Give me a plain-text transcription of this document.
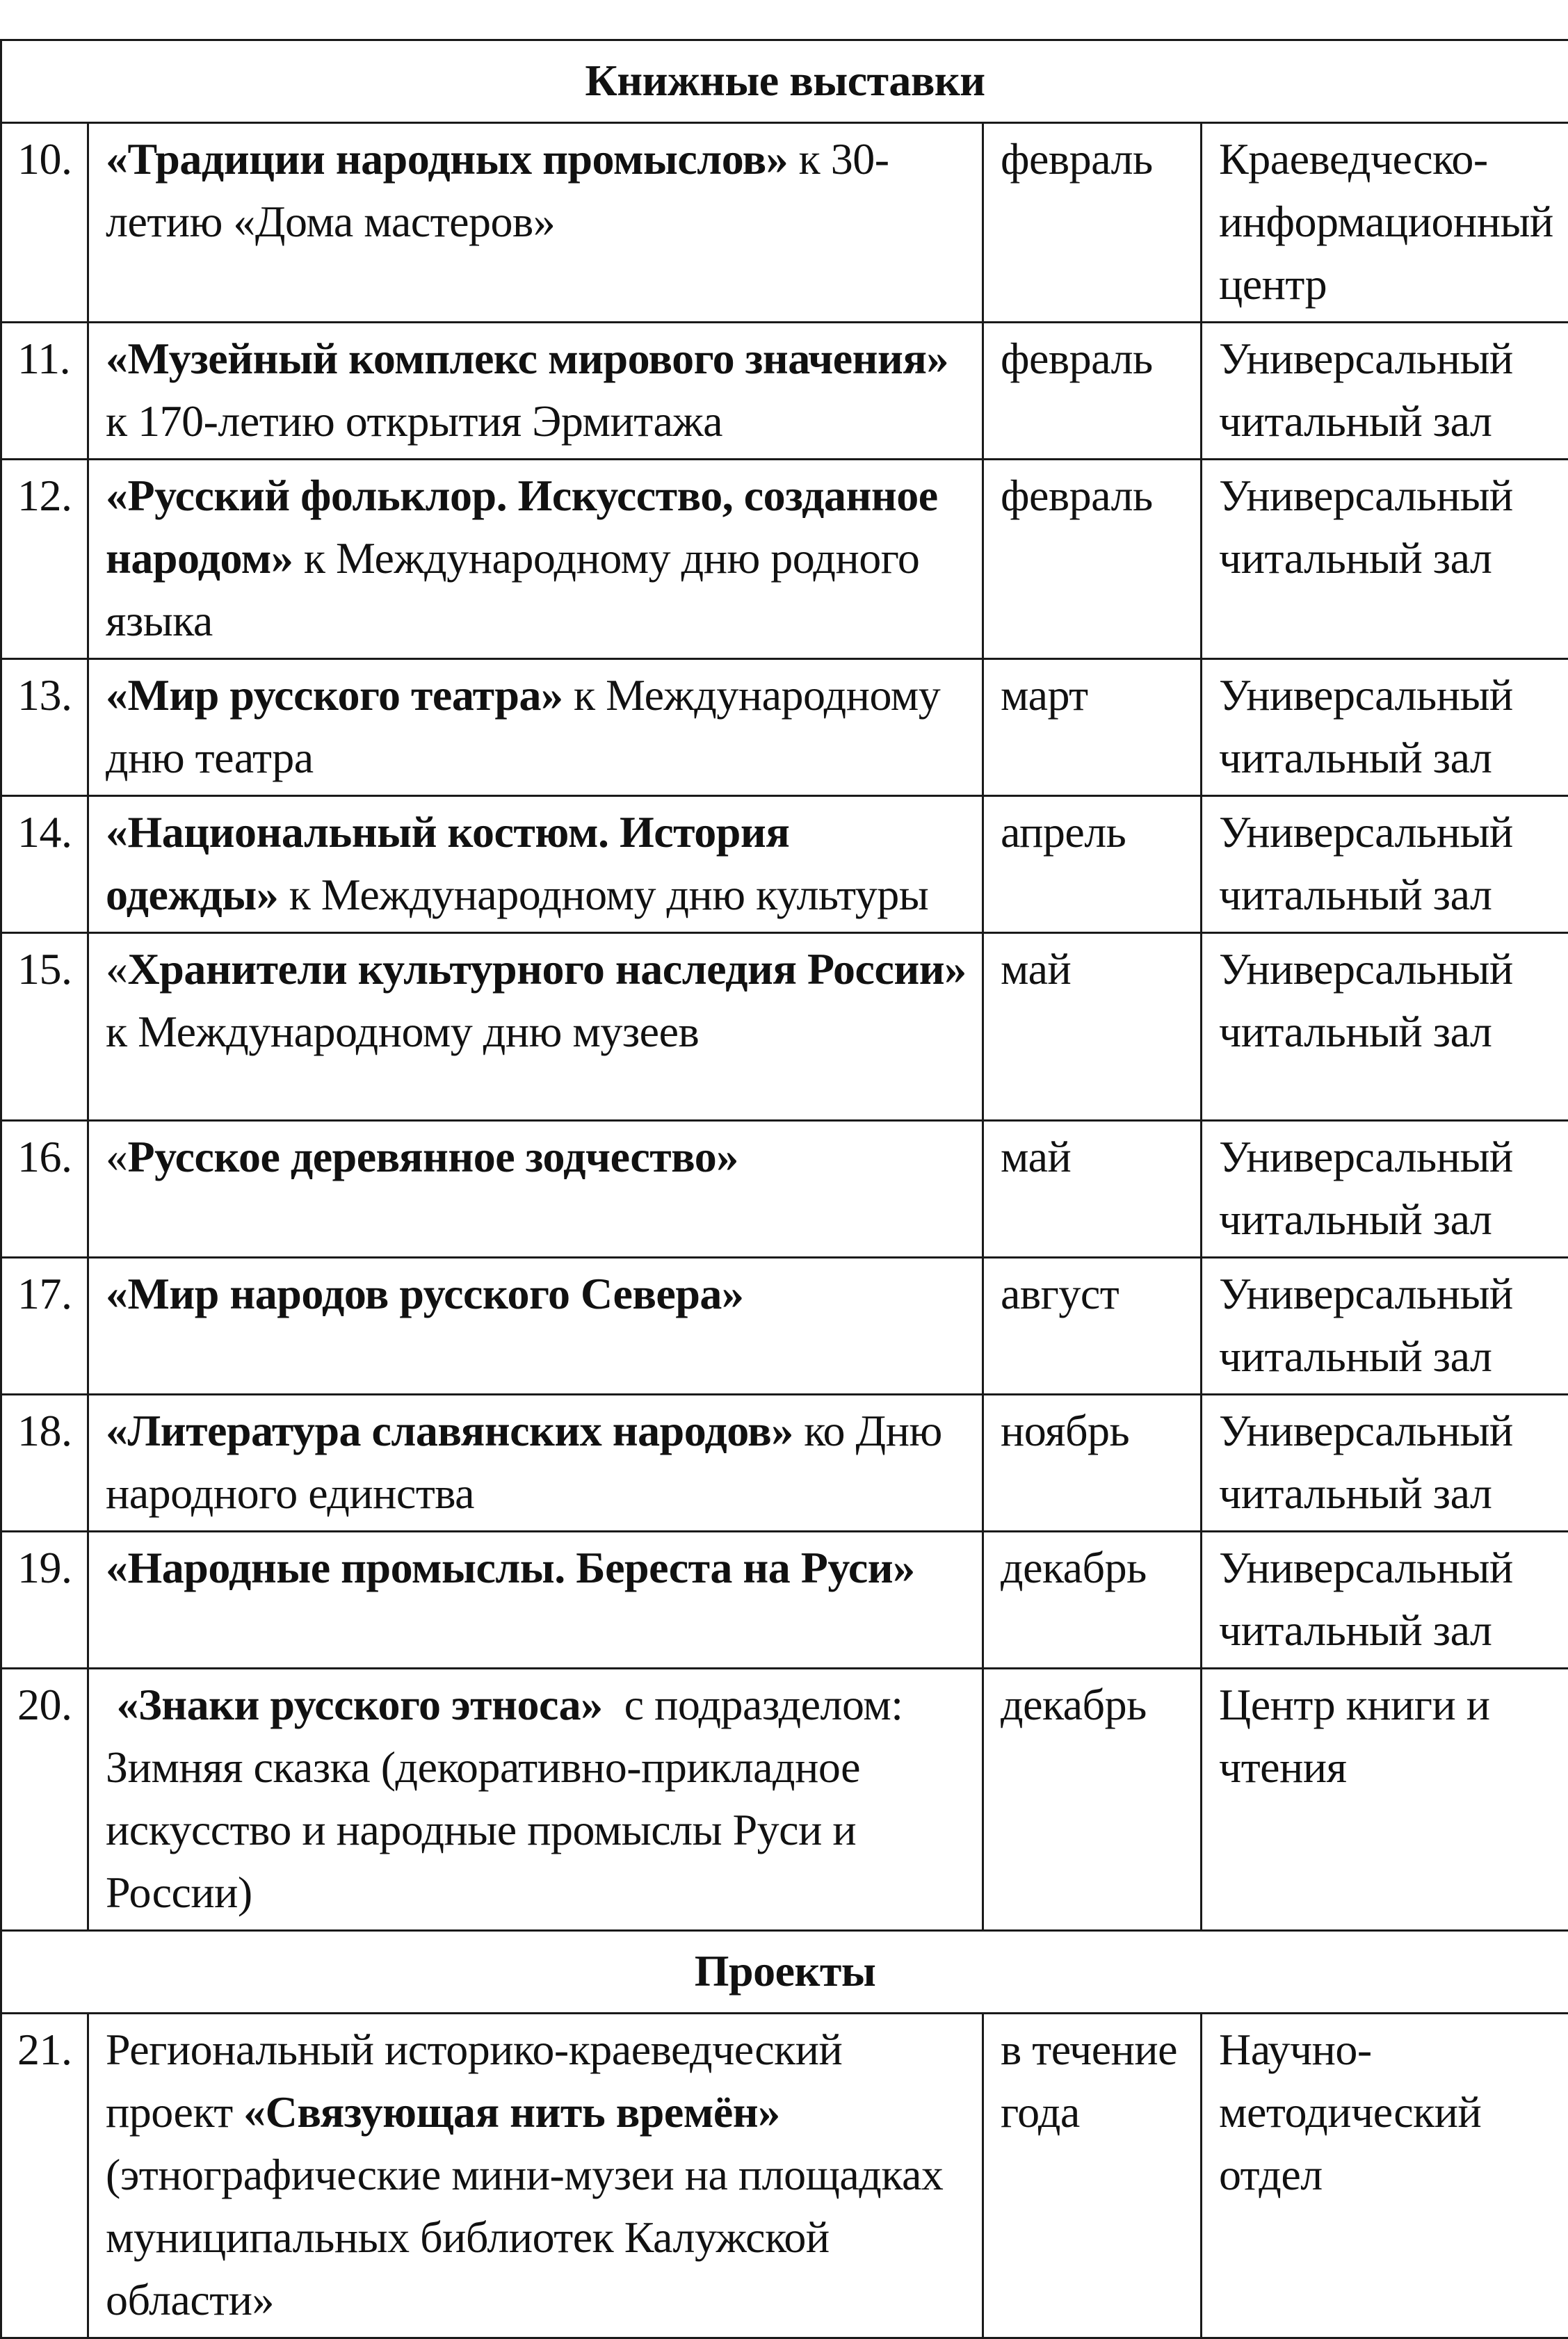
Книжные выставки			
10.	«Традиции народных промыслов» к 30-летию «Дома мастеров»	февраль	Краеведческо-информационный центр
11.	«Музейный комплекс мирового значения» к 170-летию открытия Эрмитажа	февраль	Универсальный читальный зал
12.	«Русский фольклор. Искусство, созданное народом» к Международному дню родного языка	февраль	Универсальный читальный зал
13.	«Мир русского театра» к Международному дню театра	март	Универсальный читальный зал
14.	«Национальный костюм. История одежды» к Международному дню культуры	апрель	Универсальный читальный зал
15.	«Хранители культурного наследия России» к Международному дню музеев	май	Универсальный читальный зал
16.	«Русское деревянное зодчество»	май	Универсальный читальный зал
17.	«Мир народов русского Севера»	август	Универсальный читальный зал
18.	«Литература славянских народов» ко Дню народного единства	ноябрь	Универсальный читальный зал
19.	«Народные промыслы. Береста на Руси»	декабрь	Универсальный читальный зал
20.	«Знаки русского этноса»  с подразделом: Зимняя сказка (декоративно-прикладное искусство и народные промыслы Руси и России)	декабрь	Центр книги и чтения
Проекты			
21.	Региональный историко-краеведческий проект «Связующая нить времён» (этнографические мини-музеи на площадках муниципальных библиотек Калужской области»	в течение года	Научно-методический отдел
